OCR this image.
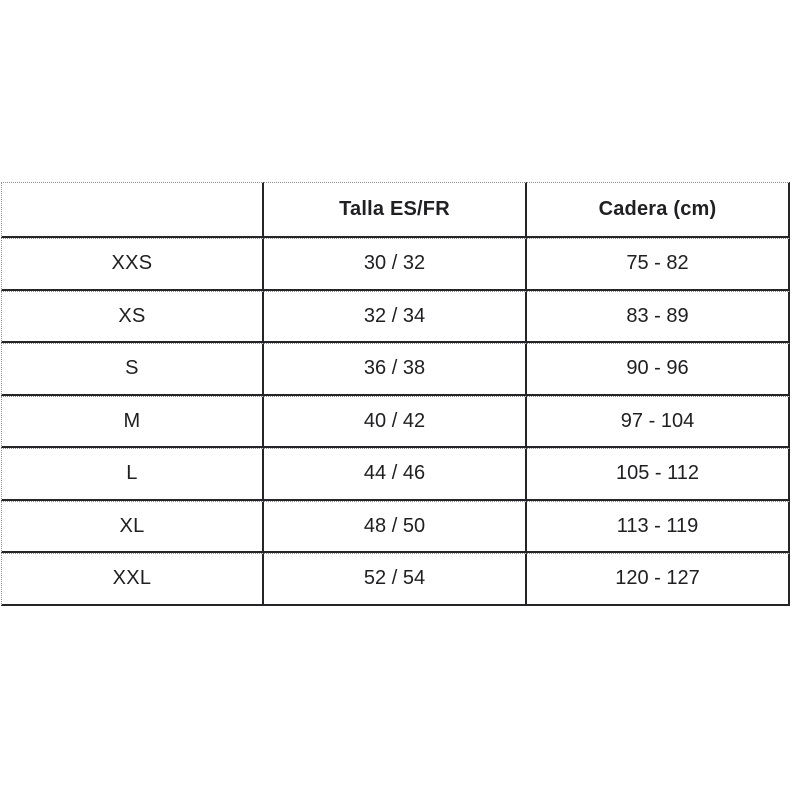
	Talla ES/FR	Cadera (cm)
XXS	30 / 32	75 - 82
XS	32 / 34	83 - 89
S	36 / 38	90 - 96
M	40 / 42	97 - 104
L	44 / 46	105 - 112
XL	48 / 50	113 - 119
XXL	52 / 54	120 - 127
